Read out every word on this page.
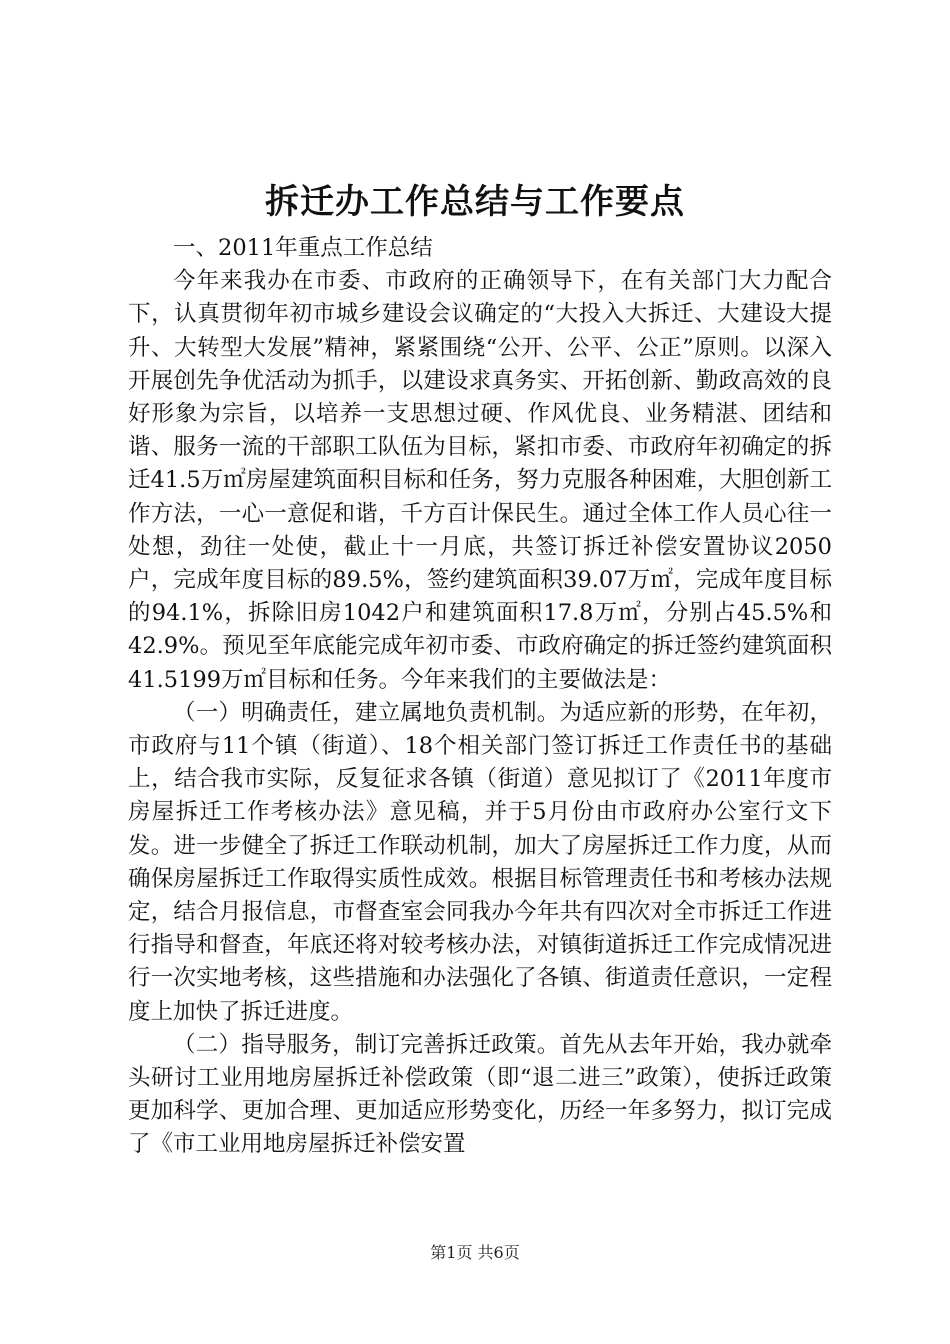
拆迁办工作总结与工作要点

一、2011年重点工作总结

今年来我办在市委、市政府的正确领导下，在有关部门大力配合下，认真贯彻年初市城乡建设会议确定的“大投入大拆迁、大建设大提升、大转型大发展”精神，紧紧围绕“公开、公平、公正”原则。以深入开展创先争优活动为抓手，以建设求真务实、开拓创新、勤政高效的良好形象为宗旨，以培养一支思想过硬、作风优良、业务精湛、团结和谐、服务一流的干部职工队伍为目标，紧扣市委、市政府年初确定的拆迁41.5万㎡房屋建筑面积目标和任务，努力克服各种困难，大胆创新工作方法，一心一意促和谐，千方百计保民生。通过全体工作人员心往一处想，劲往一处使，截止十一月底，共签订拆迁补偿安置协议2050户，完成年度目标的89.5%，签约建筑面积39.07万㎡，完成年度目标的94.1%，拆除旧房1042户和建筑面积17.8万㎡，分别占45.5%和42.9%。预见至年底能完成年初市委、市政府确定的拆迁签约建筑面积41.5199万㎡目标和任务。今年来我们的主要做法是：

（一）明确责任，建立属地负责机制。为适应新的形势，在年初，市政府与11个镇（街道）、18个相关部门签订拆迁工作责任书的基础上，结合我市实际，反复征求各镇（街道）意见拟订了《2011年度市房屋拆迁工作考核办法》意见稿，并于5月份由市政府办公室行文下发。进一步健全了拆迁工作联动机制，加大了房屋拆迁工作力度，从而确保房屋拆迁工作取得实质性成效。根据目标管理责任书和考核办法规定，结合月报信息，市督查室会同我办今年共有四次对全市拆迁工作进行指导和督查，年底还将对较考核办法，对镇街道拆迁工作完成情况进行一次实地考核，这些措施和办法强化了各镇、街道责任意识，一定程度上加快了拆迁进度。

（二）指导服务，制订完善拆迁政策。首先从去年开始，我办就牵头研讨工业用地房屋拆迁补偿政策（即“退二进三”政策），使拆迁政策更加科学、更加合理、更加适应形势变化，历经一年多努力，拟订完成了《市工业用地房屋拆迁补偿安置

第1页 共6页
